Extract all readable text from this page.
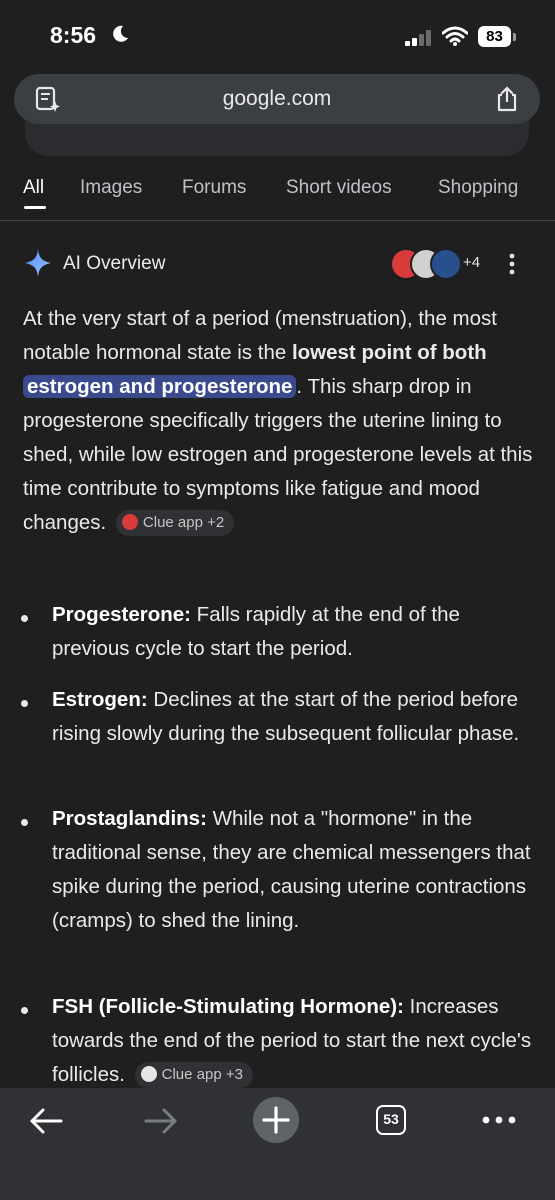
8:56	83
google.com
All Images Forums Short videos Shopping
AI Overview	+4

At the very start of a period (menstruation), the most notable hormonal state is the lowest point of both estrogen and progesterone . This sharp drop in progesterone specifically triggers the uterine lining to shed, while low estrogen and progesterone levels at this time contribute to symptoms like fatigue and mood changes. Clue app +2

Progesterone: Falls rapidly at the end of the previous cycle to start the period.
Estrogen: Declines at the start of the period before rising slowly during the subsequent follicular phase.
Prostaglandins: While not a "hormone" in the traditional sense, they are chemical messengers that spike during the period, causing uterine contractions (cramps) to shed the lining.
FSH (Follicle-Stimulating Hormone): Increases towards the end of the period to start the next cycle's follicles. Clue app +3
53
